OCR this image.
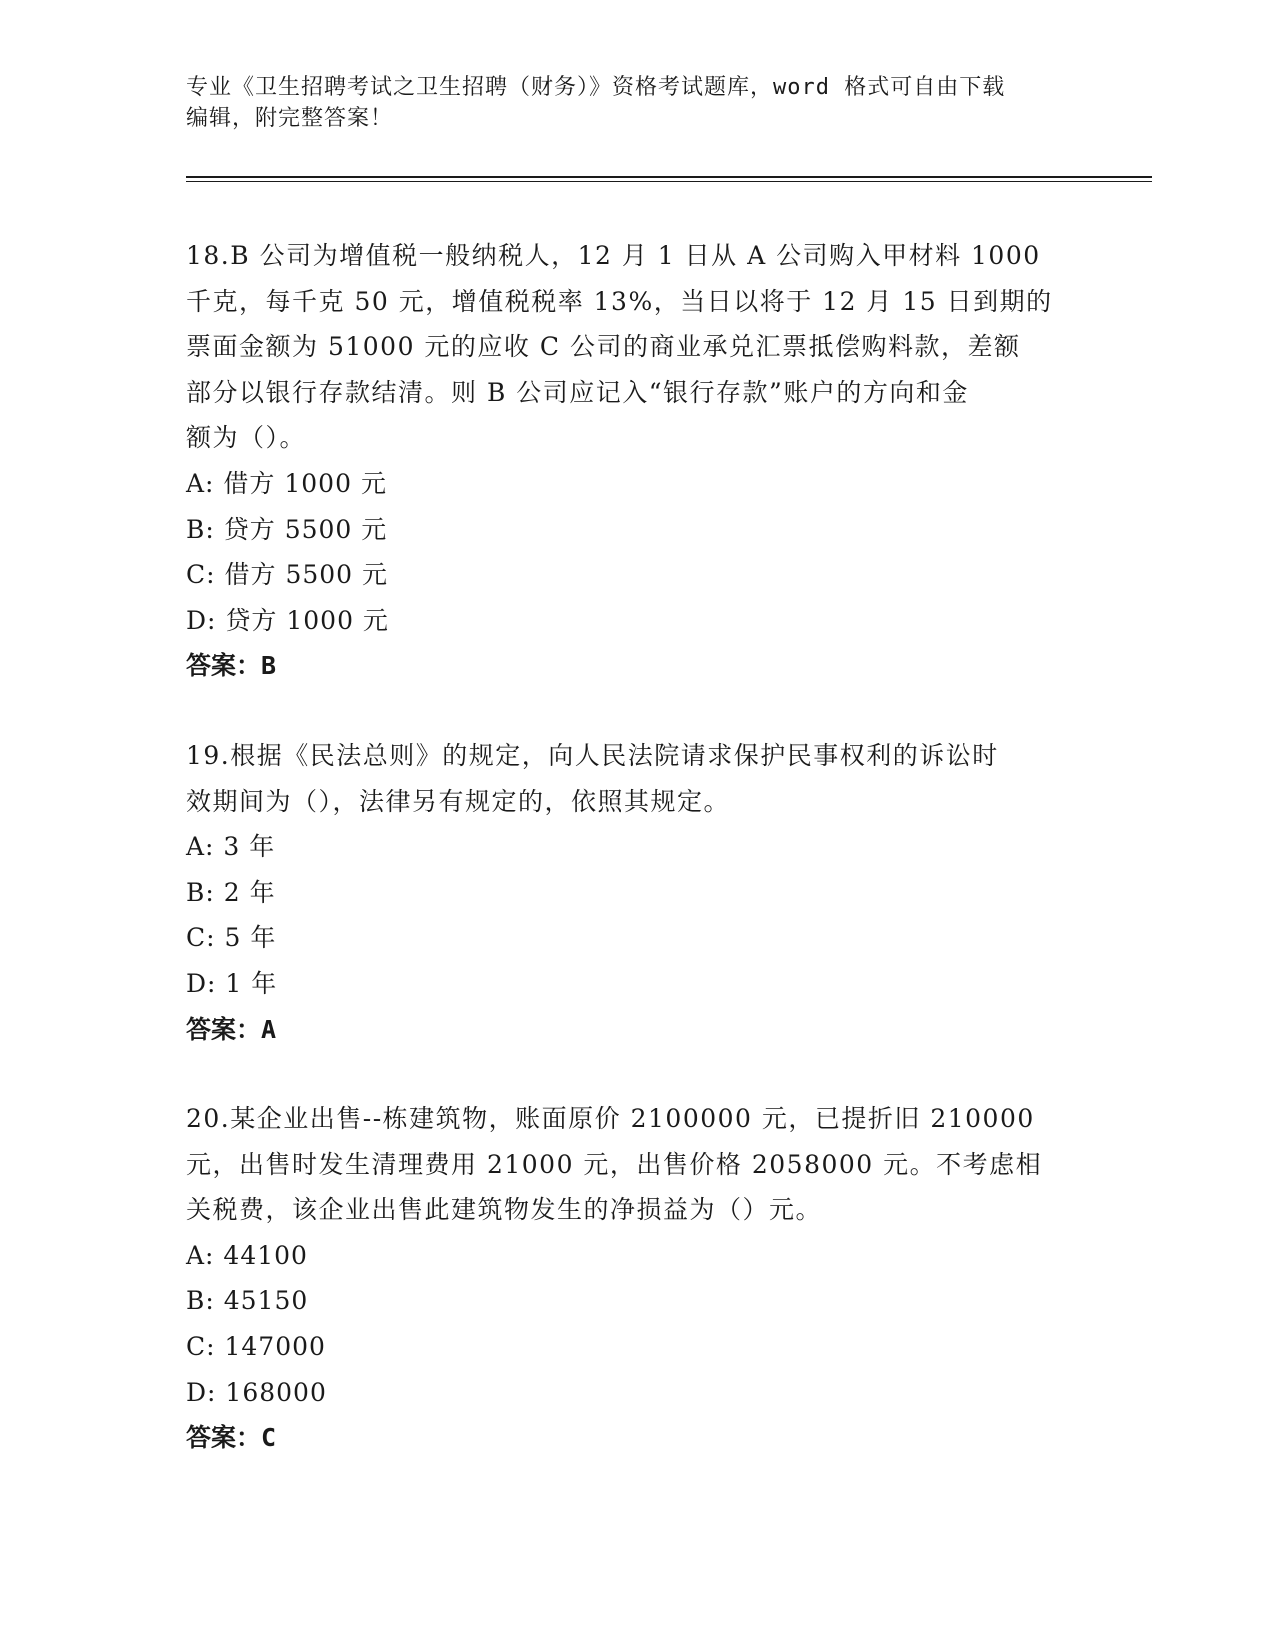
专业《卫生招聘考试之卫生招聘（财务）》资格考试题库，word 格式可自由下载
编辑，附完整答案！

18.B 公司为增值税一般纳税人，12 月 1 日从 A 公司购入甲材料 1000

千克，每千克 50 元，增值税税率 13%，当日以将于 12 月 15 日到期的

票面金额为 51000 元的应收 C 公司的商业承兑汇票抵偿购料款，差额

部分以银行存款结清。则 B 公司应记入“银行存款”账户的方向和金

额为（）。

A: 借方 1000 元

B: 贷方 5500 元

C: 借方 5500 元

D: 贷方 1000 元

答案：B

19.根据《民法总则》的规定，向人民法院请求保护民事权利的诉讼时

效期间为（），法律另有规定的，依照其规定。

A: 3 年

B: 2 年

C: 5 年

D: 1 年

答案：A

20.某企业出售--栋建筑物，账面原价 2100000 元，已提折旧 210000

元，出售时发生清理费用 21000 元，出售价格 2058000 元。不考虑相

关税费，该企业出售此建筑物发生的净损益为（）元。

A: 44100

B: 45150

C: 147000

D: 168000

答案：C
